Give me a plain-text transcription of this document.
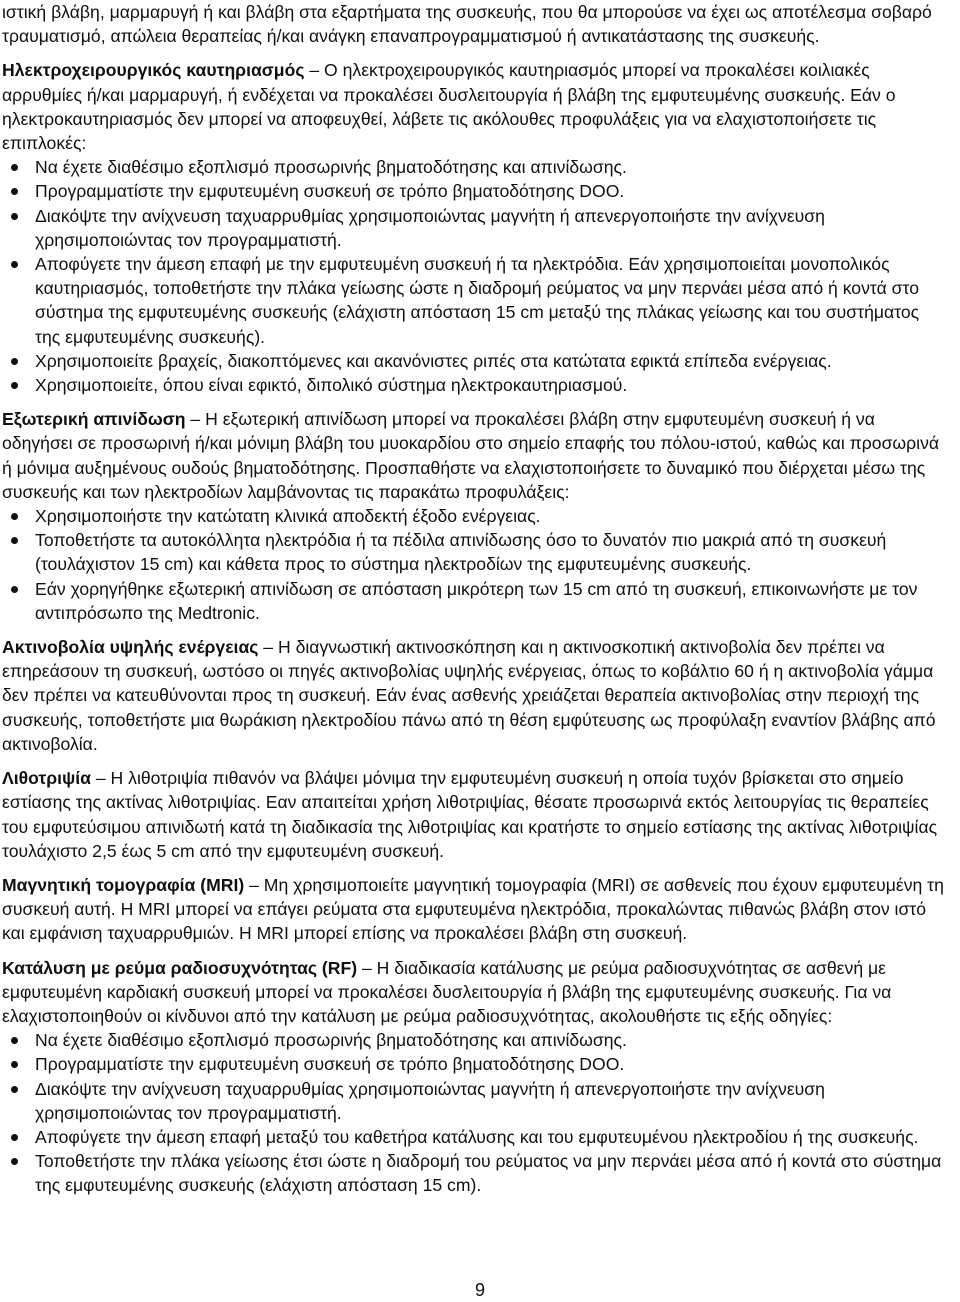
ιστική βλάβη, μαρμαρυγή ή και βλάβη στα εξαρτήματα της συσκευής, που θα μπορούσε να έχει ως αποτέλεσμα σοβαρό τραυματισμό, απώλεια θεραπείας ή/και ανάγκη επαναπρογραμματισμού ή αντικατάστασης της συσκευής.

Ηλεκτροχειρουργικός καυτηριασμός – Ο ηλεκτροχειρουργικός καυτηριασμός μπορεί να προκαλέσει κοιλιακές αρρυθμίες ή/και μαρμαρυγή, ή ενδέχεται να προκαλέσει δυσλειτουργία ή βλάβη της εμφυτευμένης συσκευής. Εάν ο ηλεκτροκαυτηριασμός δεν μπορεί να αποφευχθεί, λάβετε τις ακόλουθες προφυλάξεις για να ελαχιστοποιήσετε τις επιπλοκές:

Να έχετε διαθέσιμο εξοπλισμό προσωρινής βηματοδότησης και απινίδωσης.
Προγραμματίστε την εμφυτευμένη συσκευή σε τρόπο βηματοδότησης DOO.
Διακόψτε την ανίχνευση ταχυαρρυθμίας χρησιμοποιώντας μαγνήτη ή απενεργοποιήστε την ανίχνευση χρησιμοποιώντας τον προγραμματιστή.
Αποφύγετε την άμεση επαφή με την εμφυτευμένη συσκευή ή τα ηλεκτρόδια. Εάν χρησιμοποιείται μονοπολικός καυτηριασμός, τοποθετήστε την πλάκα γείωσης ώστε η διαδρομή ρεύματος να μην περνάει μέσα από ή κοντά στο σύστημα της εμφυτευμένης συσκευής (ελάχιστη απόσταση 15 cm μεταξύ της πλάκας γείωσης και του συστήματος της εμφυτευμένης συσκευής).
Χρησιμοποιείτε βραχείς, διακοπτόμενες και ακανόνιστες ριπές στα κατώτατα εφικτά επίπεδα ενέργειας.
Χρησιμοποιείτε, όπου είναι εφικτό, διπολικό σύστημα ηλεκτροκαυτηριασμού.

Εξωτερική απινίδωση – Η εξωτερική απινίδωση μπορεί να προκαλέσει βλάβη στην εμφυτευμένη συσκευή ή να οδηγήσει σε προσωρινή ή/και μόνιμη βλάβη του μυοκαρδίου στο σημείο επαφής του πόλου-ιστού, καθώς και προσωρινά ή μόνιμα αυξημένους ουδούς βηματοδότησης. Προσπαθήστε να ελαχιστοποιήσετε το δυναμικό που διέρχεται μέσω της συσκευής και των ηλεκτροδίων λαμβάνοντας τις παρακάτω προφυλάξεις:

Χρησιμοποιήστε την κατώτατη κλινικά αποδεκτή έξοδο ενέργειας.
Τοποθετήστε τα αυτοκόλλητα ηλεκτρόδια ή τα πέδιλα απινίδωσης όσο το δυνατόν πιο μακριά από τη συσκευή (τουλάχιστον 15 cm) και κάθετα προς το σύστημα ηλεκτροδίων της εμφυτευμένης συσκευής.
Εάν χορηγήθηκε εξωτερική απινίδωση σε απόσταση μικρότερη των 15 cm από τη συσκευή, επικοινωνήστε με τον αντιπρόσωπο της Medtronic.

Ακτινοβολία υψηλής ενέργειας – Η διαγνωστική ακτινοσκόπηση και η ακτινοσκοπική ακτινοβολία δεν πρέπει να επηρεάσουν τη συσκευή, ωστόσο οι πηγές ακτινοβολίας υψηλής ενέργειας, όπως το κοβάλτιο 60 ή η ακτινοβολία γάμμα δεν πρέπει να κατευθύνονται προς τη συσκευή. Εάν ένας ασθενής χρειάζεται θεραπεία ακτινοβολίας στην περιοχή της συσκευής, τοποθετήστε μια θωράκιση ηλεκτροδίου πάνω από τη θέση εμφύτευσης ως προφύλαξη εναντίον βλάβης από ακτινοβολία.

Λιθοτριψία – Η λιθοτριψία πιθανόν να βλάψει μόνιμα την εμφυτευμένη συσκευή η οποία τυχόν βρίσκεται στο σημείο εστίασης της ακτίνας λιθοτριψίας. Εαν απαιτείται χρήση λιθοτριψίας, θέσατε προσωρινά εκτός λειτουργίας τις θεραπείες του εμφυτεύσιμου απινιδωτή κατά τη διαδικασία της λιθοτριψίας και κρατήστε το σημείο εστίασης της ακτίνας λιθοτριψίας τουλάχιστο 2,5 έως 5 cm από την εμφυτευμένη συσκευή.

Μαγνητική τομογραφία (MRI) – Μη χρησιμοποιείτε μαγνητική τομογραφία (MRI) σε ασθενείς που έχουν εμφυτευμένη τη συσκευή αυτή. Η MRI μπορεί να επάγει ρεύματα στα εμφυτευμένα ηλεκτρόδια, προκαλώντας πιθανώς βλάβη στον ιστό και εμφάνιση ταχυαρρυθμιών. Η MRI μπορεί επίσης να προκαλέσει βλάβη στη συσκευή.

Κατάλυση με ρεύμα ραδιοσυχνότητας (RF) – Η διαδικασία κατάλυσης με ρεύμα ραδιοσυχνότητας σε ασθενή με εμφυτευμένη καρδιακή συσκευή μπορεί να προκαλέσει δυσλειτουργία ή βλάβη της εμφυτευμένης συσκευής. Για να ελαχιστοποιηθούν οι κίνδυνοι από την κατάλυση με ρεύμα ραδιοσυχνότητας, ακολουθήστε τις εξής οδηγίες:

Να έχετε διαθέσιμο εξοπλισμό προσωρινής βηματοδότησης και απινίδωσης.
Προγραμματίστε την εμφυτευμένη συσκευή σε τρόπο βηματοδότησης DOO.
Διακόψτε την ανίχνευση ταχυαρρυθμίας χρησιμοποιώντας μαγνήτη ή απενεργοποιήστε την ανίχνευση χρησιμοποιώντας τον προγραμματιστή.
Αποφύγετε την άμεση επαφή μεταξύ του καθετήρα κατάλυσης και του εμφυτευμένου ηλεκτροδίου ή της συσκευής.
Τοποθετήστε την πλάκα γείωσης έτσι ώστε η διαδρομή του ρεύματος να μην περνάει μέσα από ή κοντά στο σύστημα της εμφυτευμένης συσκευής (ελάχιστη απόσταση 15 cm).
9
